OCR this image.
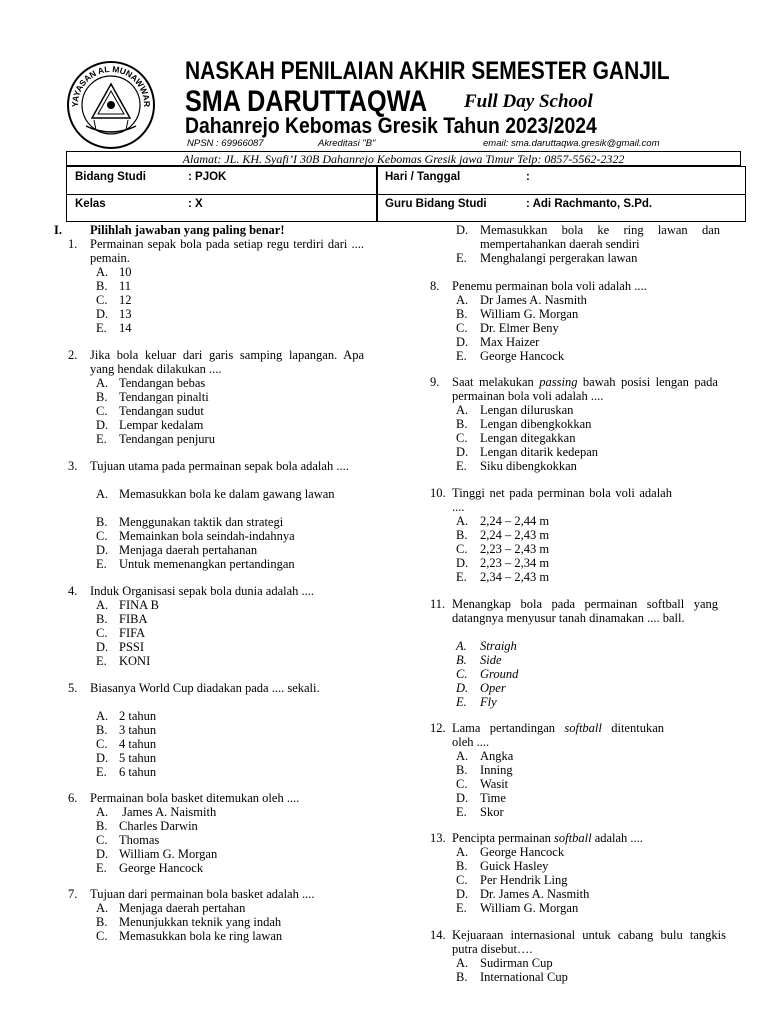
YAYASAN AL MUNAWWAR
NASKAH PENILAIAN AKHIR SEMESTER GANJIL
SMA DARUTTAQWA Full Day School
Dahanrejo Kebomas Gresik Tahun 2023/2024
NPSN : 69966087	Akreditasi "B"	email: sma.daruttaqwa.gresik@gmail.com
Alamat: JL. KH. Syafi’I 30B Dahanrejo Kebomas Gresik jawa Timur Telp: 0857-5562-2322
Bidang Studi	: PJOK	Hari / Tanggal	:
Kelas	: X	Guru Bidang Studi	: Adi Rachmanto, S.Pd.
I. Pilihlah jawaban yang paling benar!
1. Permainan sepak bola pada setiap regu terdiri dari .... pemain.
A. 10
B. 11
C. 12
D. 13
E. 14
2. Jika bola keluar dari garis samping lapangan. Apa yang hendak dilakukan ....
A. Tendangan bebas
B. Tendangan pinalti
C. Tendangan sudut
D. Lempar kedalam
E. Tendangan penjuru
3. Tujuan utama pada permainan sepak bola adalah ....
A. Memasukkan bola ke dalam gawang lawan
B. Menggunakan taktik dan strategi
C. Memainkan bola seindah-indahnya
D. Menjaga daerah pertahanan
E. Untuk memenangkan pertandingan
4. Induk Organisasi sepak bola dunia adalah ....
A. FINA B
B. FIBA
C. FIFA
D. PSSI
E. KONI
5. Biasanya World Cup diadakan pada .... sekali.
A. 2 tahun
B. 3 tahun
C. 4 tahun
D. 5 tahun
E. 6 tahun
6. Permainan bola basket ditemukan oleh ....
A. James A. Naismith
B. Charles Darwin
C. Thomas
D. William G. Morgan
E. George Hancock
7. Tujuan dari permainan bola basket adalah ....
A. Menjaga daerah pertahan
B. Menunjukkan teknik yang indah
C. Memasukkan bola ke ring lawan
D. Memasukkan bola ke ring lawan dan mempertahankan daerah sendiri
E. Menghalangi pergerakan lawan
8. Penemu permainan bola voli adalah ....
A. Dr James A. Nasmith
B. William G. Morgan
C. Dr. Elmer Beny
D. Max Haizer
E. George Hancock
9. Saat melakukan passing bawah posisi lengan pada permainan bola voli adalah ....
A. Lengan diluruskan
B. Lengan dibengkokkan
C. Lengan ditegakkan
D. Lengan ditarik kedepan
E. Siku dibengkokkan
10. Tinggi net pada perminan bola voli adalah ....
A. 2,24 – 2,44 m
B. 2,24 – 2,43 m
C. 2,23 – 2,43 m
D. 2,23 – 2,34 m
E. 2,34 – 2,43 m
11. Menangkap bola pada permainan softball yang datangnya menyusur tanah dinamakan .... ball.
A. Straigh
B. Side
C. Ground
D. Oper
E. Fly
12. Lama pertandingan softball ditentukan oleh ....
A. Angka
B. Inning
C. Wasit
D. Time
E. Skor
13. Pencipta permainan softball adalah ....
A. George Hancock
B. Guick Hasley
C. Per Hendrik Ling
D. Dr. James A. Nasmith
E. William G. Morgan
14. Kejuaraan internasional untuk cabang bulu tangkis putra disebut….
A. Sudirman Cup
B. International Cup
